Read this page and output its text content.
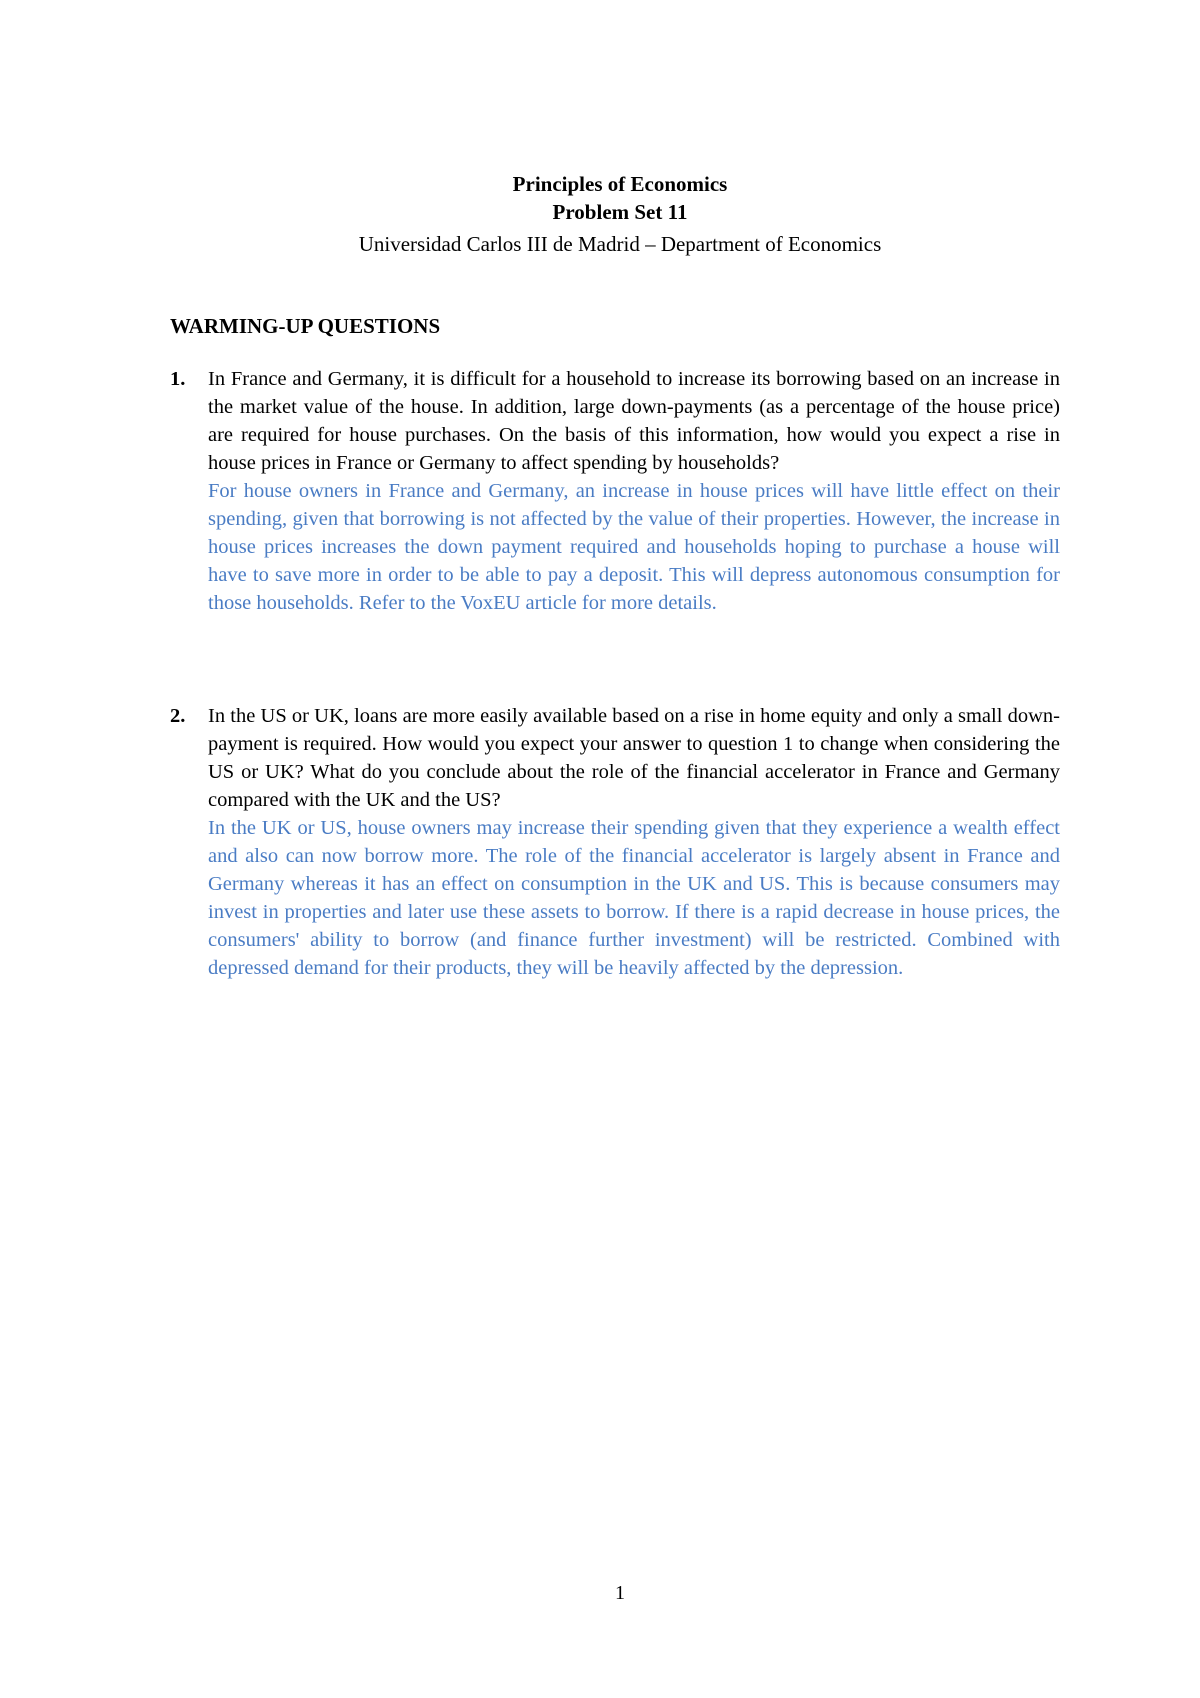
Principles of Economics
Problem Set 11
Universidad Carlos III de Madrid – Department of Economics
WARMING-UP QUESTIONS
1. In France and Germany, it is difficult for a household to increase its borrowing based on an increase in the market value of the house. In addition, large down-payments (as a percentage of the house price) are required for house purchases. On the basis of this information, how would you expect a rise in house prices in France or Germany to affect spending by households?
For house owners in France and Germany, an increase in house prices will have little effect on their spending, given that borrowing is not affected by the value of their properties. However, the increase in house prices increases the down payment required and households hoping to purchase a house will have to save more in order to be able to pay a deposit. This will depress autonomous consumption for those households. Refer to the VoxEU article for more details.
2. In the US or UK, loans are more easily available based on a rise in home equity and only a small down-payment is required. How would you expect your answer to question 1 to change when considering the US or UK? What do you conclude about the role of the financial accelerator in France and Germany compared with the UK and the US?
In the UK or US, house owners may increase their spending given that they experience a wealth effect and also can now borrow more. The role of the financial accelerator is largely absent in France and Germany whereas it has an effect on consumption in the UK and US. This is because consumers may invest in properties and later use these assets to borrow. If there is a rapid decrease in house prices, the consumers' ability to borrow (and finance further investment) will be restricted. Combined with depressed demand for their products, they will be heavily affected by the depression.
1
